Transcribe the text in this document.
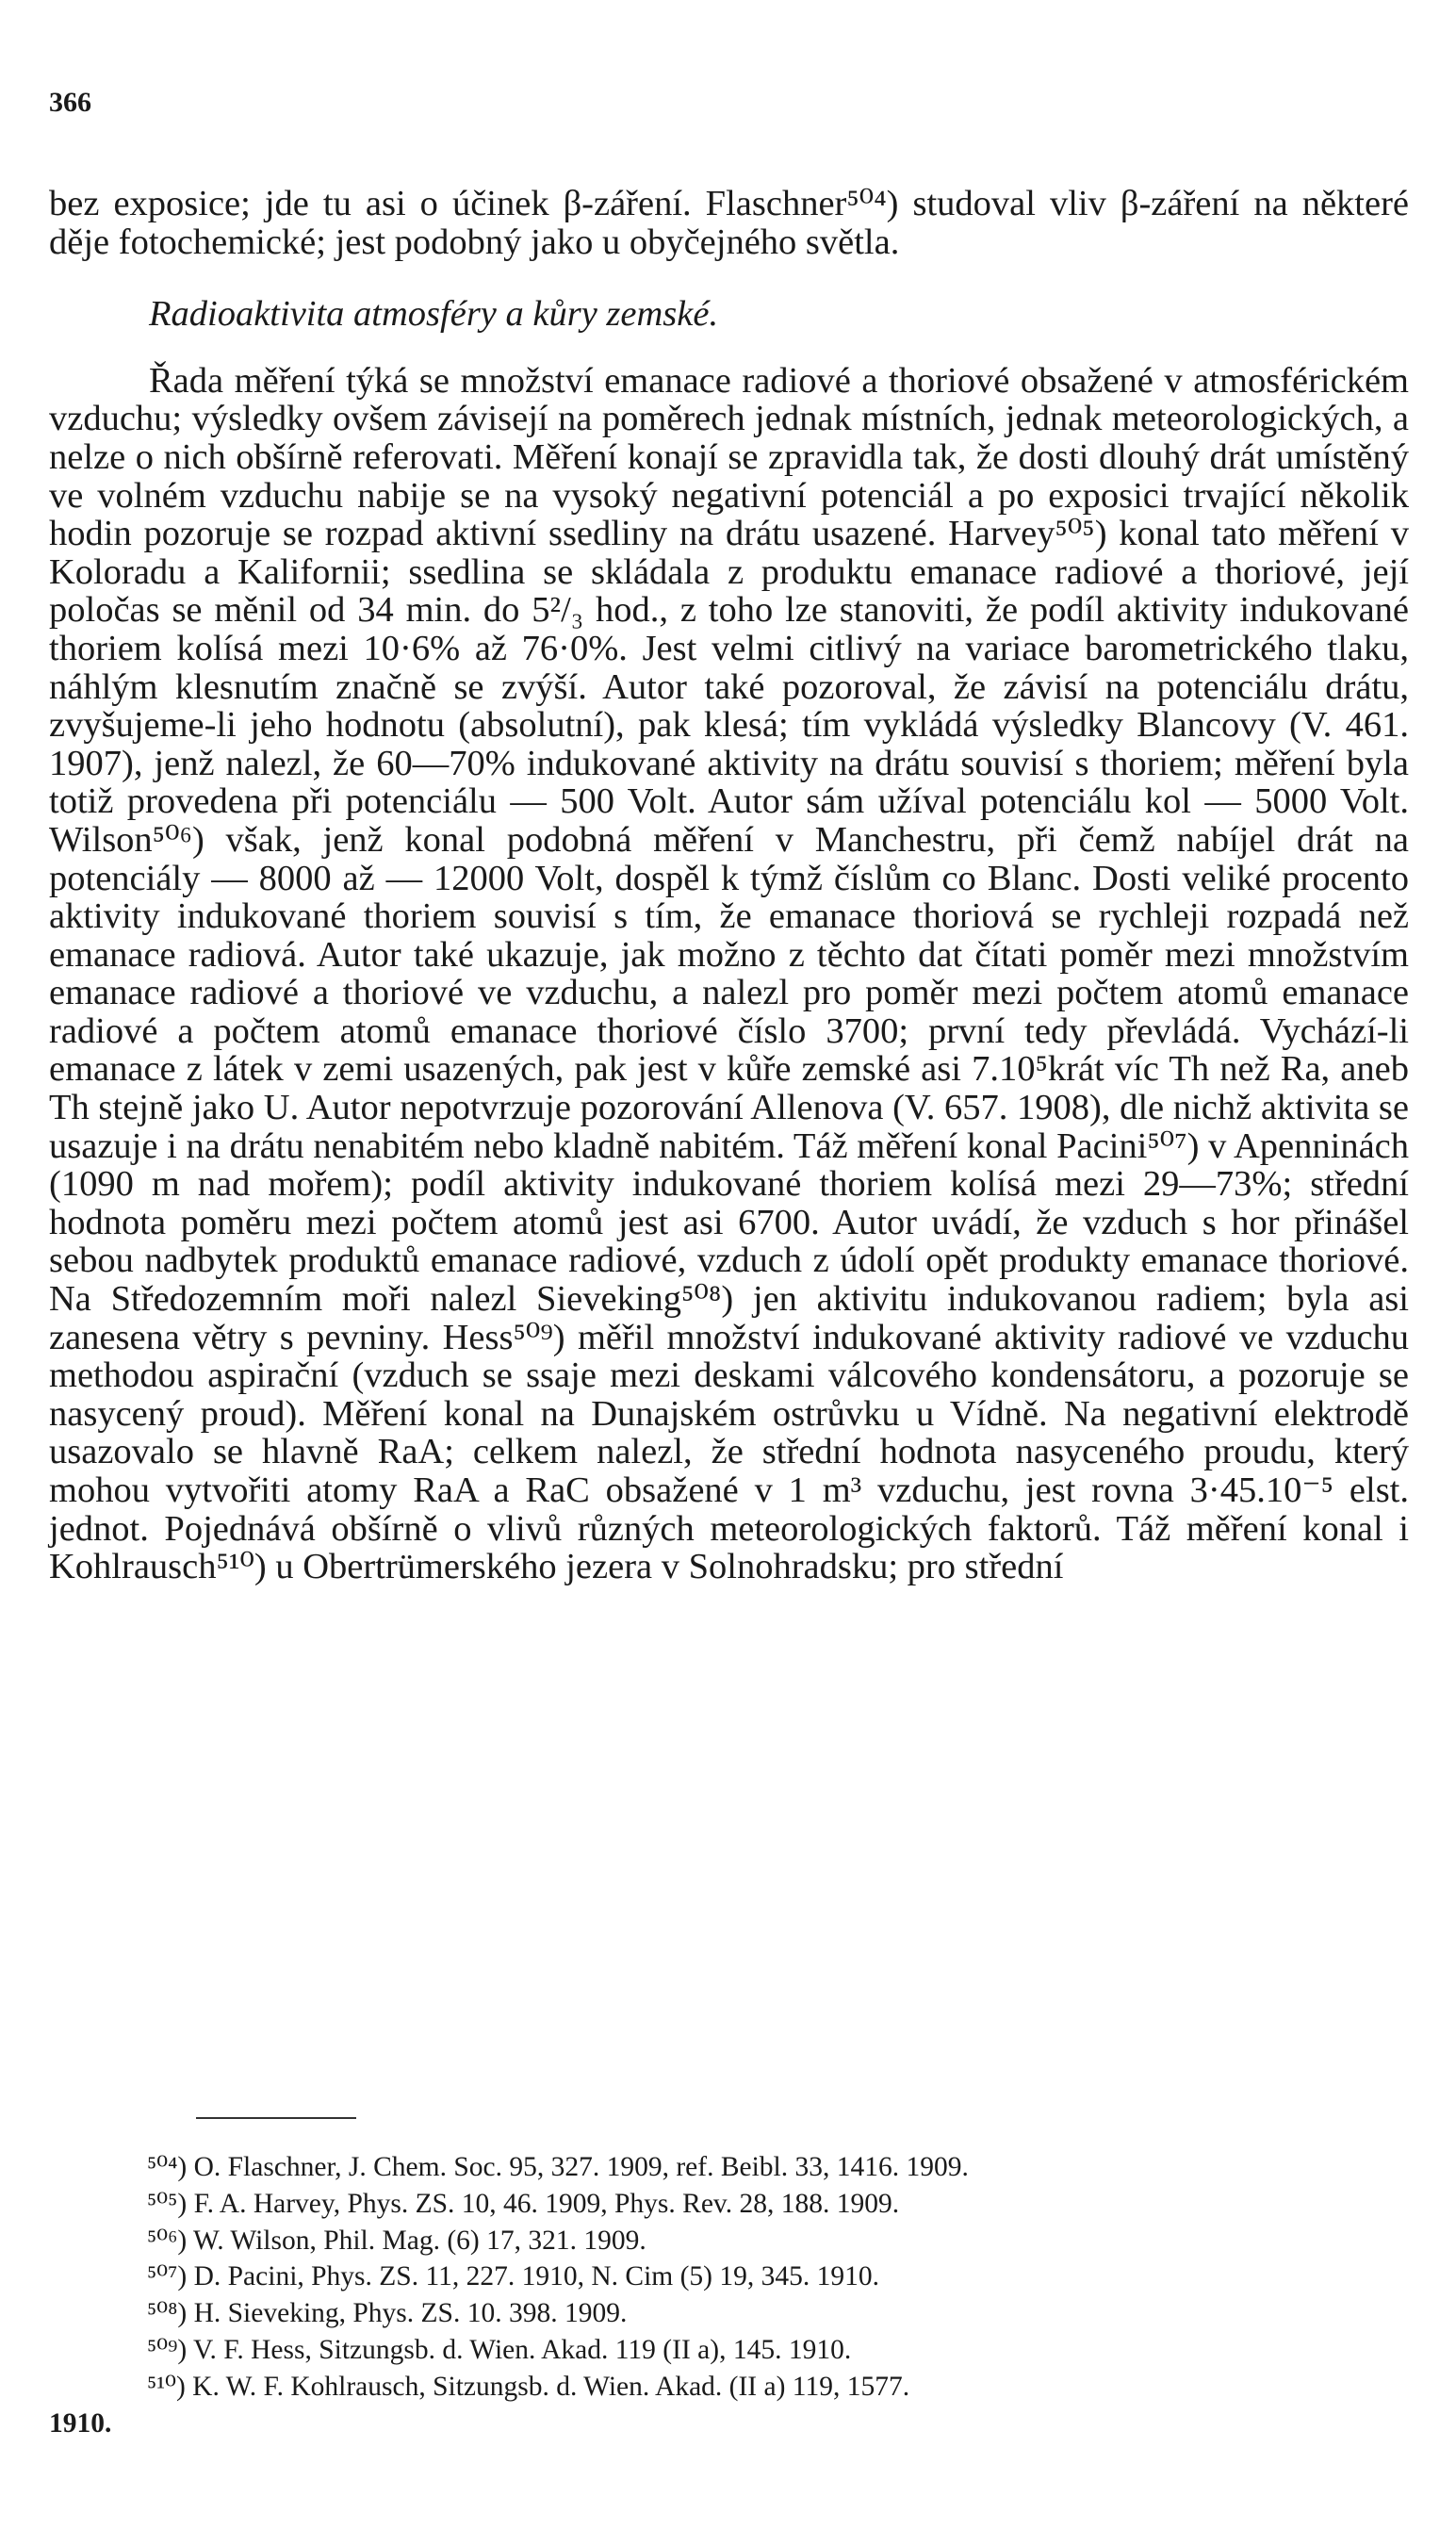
366

bez exposice; jde tu asi o účinek β-záření. Flaschner⁵⁰⁴) studoval vliv β-záření na některé děje fotochemické; jest podobný jako u obyčejného světla.

Radioaktivita atmosféry a kůry zemské.

Řada měření týká se množství emanace radiové a thoriové obsažené v atmosférickém vzduchu; výsledky ovšem závisejí na poměrech jednak místních, jednak meteorologických, a nelze o nich obšírně referovati. Měření konají se zpravidla tak, že dosti dlouhý drát umístěný ve volném vzduchu nabije se na vysoký negativní potenciál a po exposici trvající několik hodin pozoruje se rozpad aktivní ssedliny na drátu usazené. Harvey⁵⁰⁵) konal tato měření v Koloradu a Kalifornii; ssedlina se skládala z produktu emanace radiové a thoriové, její poločas se měnil od 34 min. do 5²/₃ hod., z toho lze stanoviti, že podíl aktivity indukované thoriem kolísá mezi 10·6% až 76·0%. Jest velmi citlivý na variace barometrického tlaku, náhlým klesnutím značně se zvýší. Autor také pozoroval, že závisí na potenciálu drátu, zvyšujeme-li jeho hodnotu (absolutní), pak klesá; tím vykládá výsledky Blancovy (V. 461. 1907), jenž nalezl, že 60—70% indukované aktivity na drátu souvisí s thoriem; měření byla totiž provedena při potenciálu — 500 Volt. Autor sám užíval potenciálu kol — 5000 Volt. Wilson⁵⁰⁶) však, jenž konal podobná měření v Manchestru, při čemž nabíjel drát na potenciály — 8000 až — 12000 Volt, dospěl k týmž číslům co Blanc. Dosti veliké procento aktivity indukované thoriem souvisí s tím, že emanace thoriová se rychleji rozpadá než emanace radiová. Autor také ukazuje, jak možno z těchto dat čítati poměr mezi množstvím emanace radiové a thoriové ve vzduchu, a nalezl pro poměr mezi počtem atomů emanace radiové a počtem atomů emanace thoriové číslo 3700; první tedy převládá. Vychází-li emanace z látek v zemi usazených, pak jest v kůře zemské asi 7.10⁵krát víc Th než Ra, aneb Th stejně jako U. Autor nepotvrzuje pozorování Allenova (V. 657. 1908), dle nichž aktivita se usazuje i na drátu nenabitém nebo kladně nabitém. Táž měření konal Pacini⁵⁰⁷) v Apenninách (1090 m nad mořem); podíl aktivity indukované thoriem kolísá mezi 29—73%; střední hodnota poměru mezi počtem atomů jest asi 6700. Autor uvádí, že vzduch s hor přinášel sebou nadbytek produktů emanace radiové, vzduch z údolí opět produkty emanace thoriové. Na Středozemním moři nalezl Sieveking⁵⁰⁸) jen aktivitu indukovanou radiem; byla asi zanesena větry s pevniny. Hess⁵⁰⁹) měřil množství indukované aktivity radiové ve vzduchu methodou aspirační (vzduch se ssaje mezi deskami válcového kondensátoru, a pozoruje se nasycený proud). Měření konal na Dunajském ostrůvku u Vídně. Na negativní elektrodě usazovalo se hlavně RaA; celkem nalezl, že střední hodnota nasyceného proudu, který mohou vytvořiti atomy RaA a RaC obsažené v 1 m³ vzduchu, jest rovna 3·45.10⁻⁵ elst. jednot. Pojednává obšírně o vlivů různých meteorologických faktorů. Táž měření konal i Kohlrausch⁵¹⁰) u Obertrümerského jezera v Solnohradsku; pro střední

⁵⁰⁴) O. Flaschner, J. Chem. Soc. 95, 327. 1909, ref. Beibl. 33, 1416. 1909.
⁵⁰⁵) F. A. Harvey, Phys. ZS. 10, 46. 1909, Phys. Rev. 28, 188. 1909.
⁵⁰⁶) W. Wilson, Phil. Mag. (6) 17, 321. 1909.
⁵⁰⁷) D. Pacini, Phys. ZS. 11, 227. 1910, N. Cim (5) 19, 345. 1910.
⁵⁰⁸) H. Sieveking, Phys. ZS. 10. 398. 1909.
⁵⁰⁹) V. F. Hess, Sitzungsb. d. Wien. Akad. 119 (II a), 145. 1910.
⁵¹⁰) K. W. F. Kohlrausch, Sitzungsb. d. Wien. Akad. (II a) 119, 1577.
1910.
